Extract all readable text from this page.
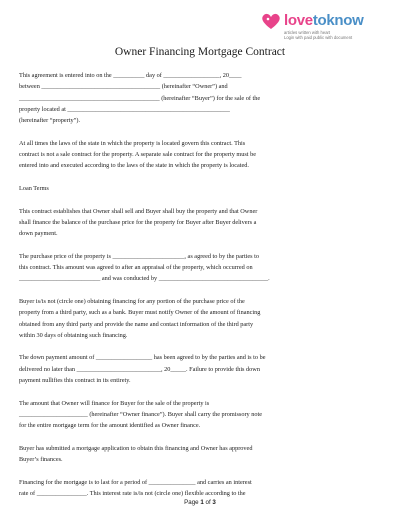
lovetoknow
articles written with heart
Login with paid public with document
Owner Financing Mortgage Contract

This agreement is entered into on the __________ day of __________________, 20____
between ______________________________________ (hereinafter “Owner”) and
_____________________________________________ (hereinafter “Buyer”) for the sale of the
property located at ____________________________________________________
(hereinafter “property”).

At all times the laws of the state in which the property is located govern this contract. This
contract is not a sale contract for the property. A separate sale contract for the property must be
entered into and executed according to the laws of the state in which the property is located.

Loan Terms

This contract establishes that Owner shall sell and Buyer shall buy the property and that Owner
shall finance the balance of the purchase price for the property for Buyer after Buyer delivers a
down payment.

The purchase price of the property is _______________________, as agreed to by the parties to
this contract. This amount was agreed to after an appraisal of the property, which occurred on
__________________________ and was conducted by ___________________________________.

Buyer is/is not (circle one) obtaining financing for any portion of the purchase price of the
property from a third party, such as a bank. Buyer must notify Owner of the amount of financing
obtained from any third party and provide the name and contact information of the third party
within 30 days of obtaining such financing.

The down payment amount of __________________ has been agreed to by the parties and is to be
delivered no later than ___________________________, 20_____. Failure to provide this down
payment nullifies this contract in its entirety.

The amount that Owner will finance for Buyer for the sale of the property is
______________________ (hereinafter “Owner finance”). Buyer shall carry the promissory note
for the entire mortgage term for the amount identified as Owner finance.

Buyer has submitted a mortgage application to obtain this financing and Owner has approved
Buyer’s finances.

Financing for the mortgage is to last for a period of _______________ and carries an interest
rate of ________________. This interest rate is/is not (circle one) flexible according to the

Page 1 of 3
